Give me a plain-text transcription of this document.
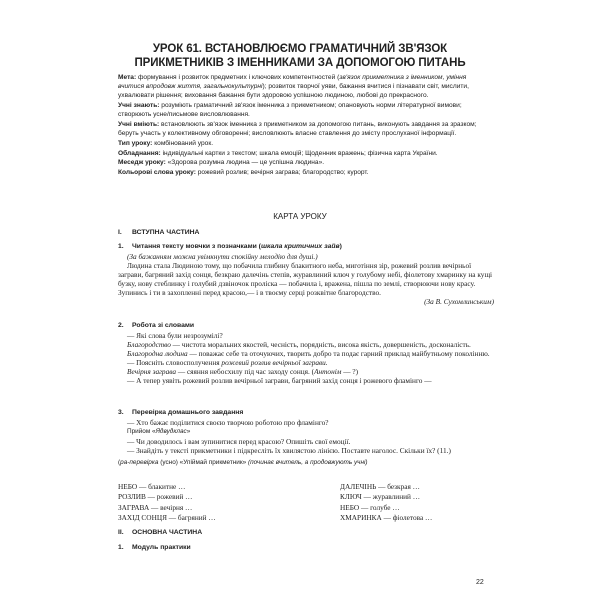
УРОК 61. ВСТАНОВЛЮЄМО ГРАМАТИЧНИЙ ЗВ'ЯЗОК
ПРИКМЕТНИКІВ З ІМЕННИКАМИ ЗА ДОПОМОГОЮ ПИТАНЬ

Мета: формування і розвиток предметних і ключових компетентностей (зв'язок прикметника з іменником, уміння вчитися впродовж життя, загальнокультурні); розвиток творчої уяви, бажання вчитися і пізнавати світ, мислити, ухвалювати рішення; виховання бажання бути здоровою успішною людиною, любові до прекрасного.

Учні знають: розуміють граматичний зв'язок іменника з прикметником; опановують норми літературної вимови; створюють усне/письмове висловлювання.

Учні вміють: встановлюють зв'язок іменника з прикметником за допомогою питань, виконують завдання за зразком; беруть участь у колективному обговоренні; висловлюють власне ставлення до змісту прослуханої інформації.

Тип уроку: комбінований урок.

Обладнання: індивідуальні картки з текстом; шкала емоцій; Щоденник вражень; фізична карта України.

Меседж уроку: «Здорова розумна людина — це успішна людина».

Кольорові слова уроку: рожевий розлив; вечірня заграва; благородство; курорт.

КАРТА УРОКУ
I. ВСТУПНА ЧАСТИНА
1. Читання тексту мовчки з позначками (шкала критичних зайв)

(За бажанням можна увімкнути спокійну мелодію для душі.)

Людина стала Людиною тому, що побачила глибину блакитного неба, миготіння зір, рожевий розлив вечірньої заграви, багряний захід сонця, безкраю далечінь степів, журавлиний ключ у голубому небі, фіолетову хмаринку на кущі бузку, нову стеблинку і голубий дзвіночок проліска — побачила і, вражена, пішла по землі, створюючи нову красу. Зупинись і ти в захопленні перед красою,— і в твоєму серці розквітне благородство.

(За В. Сухомлинським)

2. Робота зі словами

— Які слова були незрозумілі?

Благородство — чистота моральних якостей, чесність, порядність, висока якість, довершеність, досконалість.

Благородна людина — поважає себе та оточуючих, творить добро та подає гарний приклад майбутньому поколінню.

— Поясніть словосполучення рожевий розлив вечірньої заграви.

Вечірня заграва — сяяння небосхилу під час заходу сонця. (Антонім — ?)

— А тепер уявіть рожевий розлив вечірньої заграви, багряний захід сонця і рожевого фламінго —

3. Перевірка домашнього завдання

— Хто бажає поділитися своєю творчою роботою про фламінго?

Прийом «Ядвудклас»

— Чи доводилось і вам зупинитися перед красою? Опишіть свої емоції.

— Знайдіть у тексті прикметники і підкресліть їх хвилястою лінією. Поставте наголос. Скільки їх? (11.)

(ра-перевірка (усно) «Упіймай прикметник» (починає вчитель, а продовжують учні)

НЕБО — блакитне …	ДАЛЕЧІНЬ — безкрая …
РОЗЛИВ — рожевий …	КЛЮЧ — журавлиний …
ЗАГРАВА — вечірня …	НЕБО — голубе …
ЗАХІД СОНЦЯ — багряний …	ХМАРИНКА — фіолетова …
II. ОСНОВНА ЧАСТИНА
1. Модуль практики
22
